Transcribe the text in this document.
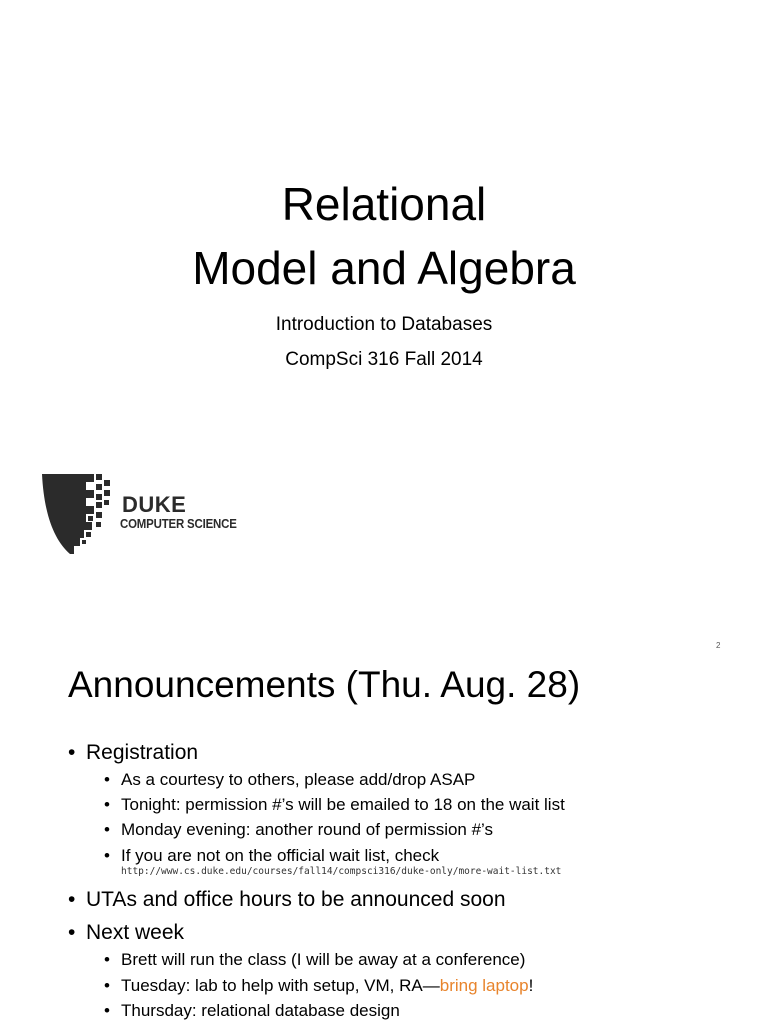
Relational
Model and Algebra
Introduction to Databases
CompSci 316 Fall 2014
DUKE
COMPUTER SCIENCE
2
Announcements (Thu. Aug. 28)
• Registration
• As a courtesy to others, please add/drop ASAP
• Tonight: permission #’s will be emailed to 18 on the wait list
• Monday evening: another round of permission #’s
• If you are not on the official wait list, check
http://www.cs.duke.edu/courses/fall14/compsci316/duke-only/more-wait-list.txt
• UTAs and office hours to be announced soon
• Next week
• Brett will run the class (I will be away at a conference)
• Tuesday: lab to help with setup, VM, RA—bring laptop!
• Thursday: relational database design
